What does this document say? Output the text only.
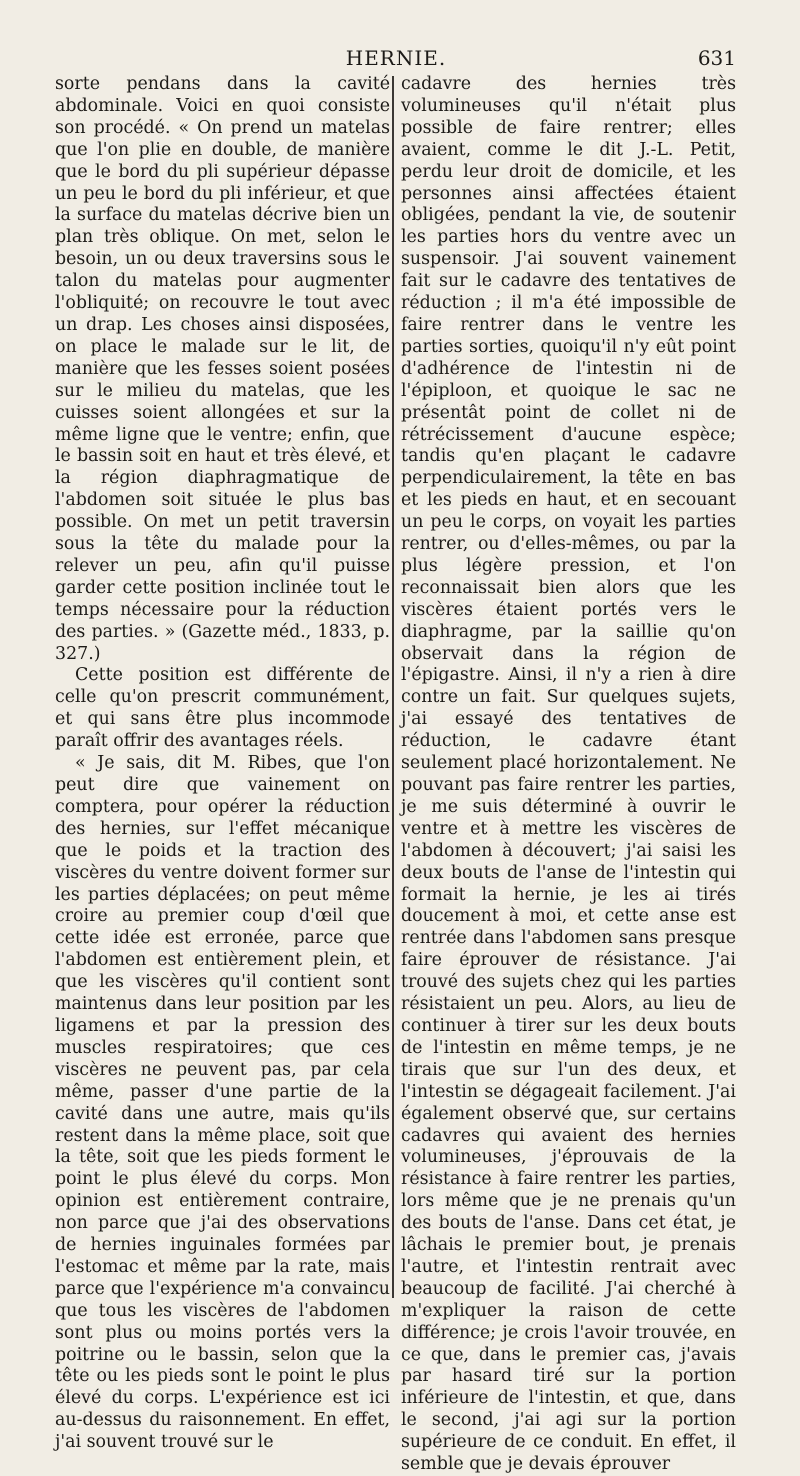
HERNIE.	631

sorte pendans dans la cavité abdominale. Voici en quoi consiste son procédé. « On prend un matelas que l'on plie en double, de manière que le bord du pli supérieur dépasse un peu le bord du pli inférieur, et que la surface du matelas décrive bien un plan très oblique. On met, selon le besoin, un ou deux traversins sous le talon du matelas pour augmenter l'obliquité; on recouvre le tout avec un drap. Les choses ainsi disposées, on place le malade sur le lit, de manière que les fesses soient posées sur le milieu du matelas, que les cuisses soient allongées et sur la même ligne que le ventre; enfin, que le bassin soit en haut et très élevé, et la région diaphragmatique de l'abdomen soit située le plus bas possible. On met un petit traversin sous la tête du malade pour la relever un peu, afin qu'il puisse garder cette position inclinée tout le temps nécessaire pour la réduction des parties. » (Gazette méd., 1833, p. 327.)

Cette position est différente de celle qu'on prescrit communément, et qui sans être plus incommode paraît offrir des avantages réels.

« Je sais, dit M. Ribes, que l'on peut dire que vainement on comptera, pour opérer la réduction des hernies, sur l'effet mécanique que le poids et la traction des viscères du ventre doivent former sur les parties déplacées; on peut même croire au premier coup d'œil que cette idée est erronée, parce que l'abdomen est entièrement plein, et que les viscères qu'il contient sont maintenus dans leur position par les ligamens et par la pression des muscles respiratoires; que ces viscères ne peuvent pas, par cela même, passer d'une partie de la cavité dans une autre, mais qu'ils restent dans la même place, soit que la tête, soit que les pieds forment le point le plus élevé du corps. Mon opinion est entièrement contraire, non parce que j'ai des observations de hernies inguinales formées par l'estomac et même par la rate, mais parce que l'expérience m'a convaincu que tous les viscères de l'abdomen sont plus ou moins portés vers la poitrine ou le bassin, selon que la tête ou les pieds sont le point le plus élevé du corps. L'expérience est ici au-dessus du raisonnement. En effet, j'ai souvent trouvé sur le

cadavre des hernies très volumineuses qu'il n'était plus possible de faire rentrer; elles avaient, comme le dit J.-L. Petit, perdu leur droit de domicile, et les personnes ainsi affectées étaient obligées, pendant la vie, de soutenir les parties hors du ventre avec un suspensoir. J'ai souvent vainement fait sur le cadavre des tentatives de réduction ; il m'a été impossible de faire rentrer dans le ventre les parties sorties, quoiqu'il n'y eût point d'adhérence de l'intestin ni de l'épiploon, et quoique le sac ne présentât point de collet ni de rétrécissement d'aucune espèce; tandis qu'en plaçant le cadavre perpendiculairement, la tête en bas et les pieds en haut, et en secouant un peu le corps, on voyait les parties rentrer, ou d'elles-mêmes, ou par la plus légère pression, et l'on reconnaissait bien alors que les viscères étaient portés vers le diaphragme, par la saillie qu'on observait dans la région de l'épigastre. Ainsi, il n'y a rien à dire contre un fait. Sur quelques sujets, j'ai essayé des tentatives de réduction, le cadavre étant seulement placé horizontalement. Ne pouvant pas faire rentrer les parties, je me suis déterminé à ouvrir le ventre et à mettre les viscères de l'abdomen à découvert; j'ai saisi les deux bouts de l'anse de l'intestin qui formait la hernie, je les ai tirés doucement à moi, et cette anse est rentrée dans l'abdomen sans presque faire éprouver de résistance. J'ai trouvé des sujets chez qui les parties résistaient un peu. Alors, au lieu de continuer à tirer sur les deux bouts de l'intestin en même temps, je ne tirais que sur l'un des deux, et l'intestin se dégageait facilement. J'ai également observé que, sur certains cadavres qui avaient des hernies volumineuses, j'éprouvais de la résistance à faire rentrer les parties, lors même que je ne prenais qu'un des bouts de l'anse. Dans cet état, je lâchais le premier bout, je prenais l'autre, et l'intestin rentrait avec beaucoup de facilité. J'ai cherché à m'expliquer la raison de cette différence; je crois l'avoir trouvée, en ce que, dans le premier cas, j'avais par hasard tiré sur la portion inférieure de l'intestin, et que, dans le second, j'ai agi sur la portion supérieure de ce conduit. En effet, il semble que je devais éprouver
